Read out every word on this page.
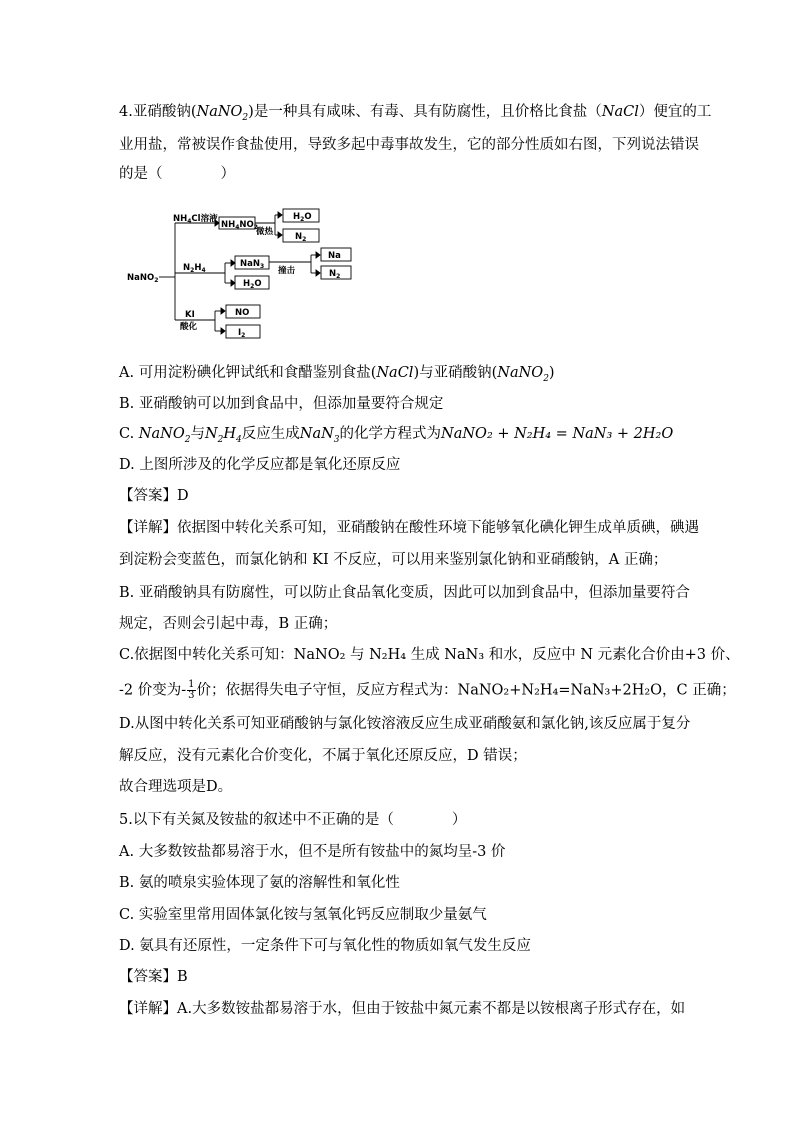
4.亚硝酸钠(NaNO$_2$)是一种具有咸味、有毒、具有防腐性，且价格比食盐（NaCl）便宜的工
业用盐，常被误作食盐使用，导致多起中毒事故发生，它的部分性质如右图，下列说法错误
的是（　　　　）
NaNO$_2$
$NH_4Cl$溶液
$NH_4NO_2$
微热
$H_2O$
$N_2$
$N_2H_4$
NaN$_3$
$H_2O$
撞击
Na
$N_2$
KI
酸化
NO
$I_2$
A. 可用淀粉碘化钾试纸和食醋鉴别食盐(NaCl)与亚硝酸钠(NaNO$_2$)
B. 亚硝酸钠可以加到食品中，但添加量要符合规定
C. NaNO$_2$与$N_2H_4$反应生成NaN$_3$的化学方程式为NaNO₂ + N₂H₄ = NaN₃ + 2H₂O
D. 上图所涉及的化学反应都是氧化还原反应
【答案】D
【详解】依据图中转化关系可知，亚硝酸钠在酸性环境下能够氧化碘化钾生成单质碘，碘遇
到淀粉会变蓝色，而氯化钠和 KI 不反应，可以用来鉴别氯化钠和亚硝酸钠，A 正确；
B. 亚硝酸钠具有防腐性，可以防止食品氧化变质，因此可以加到食品中，但添加量要符合
规定，否则会引起中毒，B 正确；
C.依据图中转化关系可知：NaNO₂ 与 N₂H₄ 生成 NaN₃ 和水，反应中 N 元素化合价由+3 价、
-2 价变为- $\frac{1}{3}$ 价；依据得失电子守恒，反应方程式为：NaNO₂+N₂H₄=NaN₃+2H₂O，C 正确；
D.从图中转化关系可知亚硝酸钠与氯化铵溶液反应生成亚硝酸氨和氯化钠,该反应属于复分
解反应，没有元素化合价变化，不属于氧化还原反应，D 错误；
故合理选项是D。
5.以下有关氮及铵盐的叙述中不正确的是（　　　　）
A. 大多数铵盐都易溶于水，但不是所有铵盐中的氮均呈-3 价
B. 氨的喷泉实验体现了氨的溶解性和氧化性
C. 实验室里常用固体氯化铵与氢氧化钙反应制取少量氨气
D. 氨具有还原性，一定条件下可与氧化性的物质如氧气发生反应
【答案】B
【详解】A.大多数铵盐都易溶于水，但由于铵盐中氮元素不都是以铵根离子形式存在，如
